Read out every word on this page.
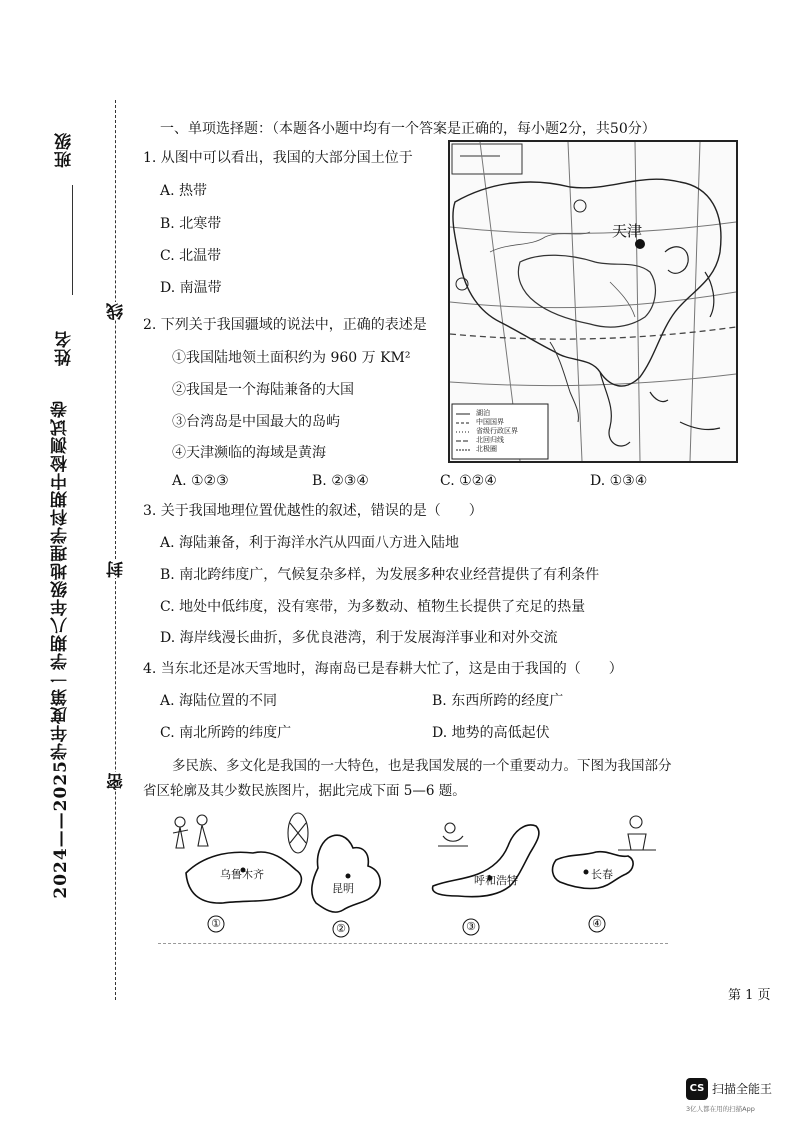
2024——2025学年度第一学期八年级地理学科期中检测试卷
班级
姓名
线
封
密
一、单项选择题：（本题各小题中均有一个答案是正确的，每小题2分，共50分）
1. 从图中可以看出，我国的大部分国土位于
A. 热带
B. 北寒带
C. 北温带
D. 南温带
2. 下列关于我国疆域的说法中，正确的表述是
①我国陆地领土面积约为 960 万 KM²
②我国是一个海陆兼备的大国
③台湾岛是中国最大的岛屿
④天津濒临的海域是黄海
A. ①②③	B. ②③④	C. ①②④	D. ①③④
天津
湖泊
中国国界
省级行政区界
北回归线
北极圈
3. 关于我国地理位置优越性的叙述，错误的是（　　）
A. 海陆兼备，利于海洋水汽从四面八方进入陆地
B. 南北跨纬度广，气候复杂多样，为发展多种农业经营提供了有利条件
C. 地处中低纬度，没有寒带，为多数动、植物生长提供了充足的热量
D. 海岸线漫长曲折，多优良港湾，利于发展海洋事业和对外交流
4. 当东北还是冰天雪地时，海南岛已是春耕大忙了，这是由于我国的（　　）
A. 海陆位置的不同	B. 东西所跨的经度广
C. 南北所跨的纬度广	D. 地势的高低起伏
多民族、多文化是我国的一大特色，也是我国发展的一个重要动力。下图为我国部分
省区轮廓及其少数民族图片，据此完成下面 5—6 题。
乌鲁木齐
昆明
呼和浩特	长春
①	②	③	④
第 1 页
CS 扫描全能王
3亿人都在用的扫描App
